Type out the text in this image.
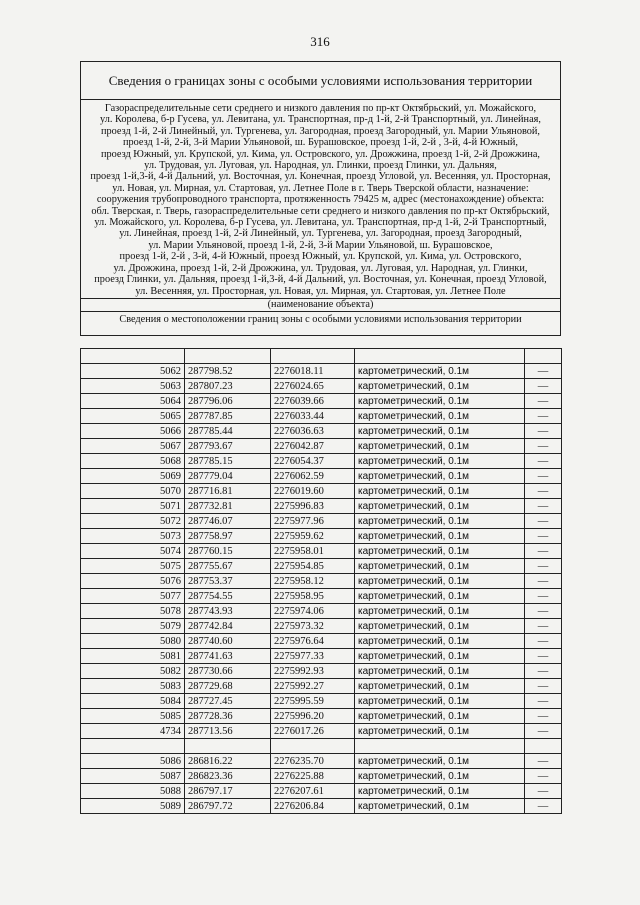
316
Сведения о границах зоны с особыми условиями использования территории
Газораспределительные сети среднего и низкого давления по пр-кт Октябрьский, ул. Можайского,
ул. Королева, б-р Гусева, ул. Левитана, ул. Транспортная, пр-д 1-й, 2-й Транспортный, ул. Линейная,
проезд 1-й, 2-й Линейный, ул. Тургенева, ул. Загородная, проезд Загородный, ул. Марии Ульяновой,
проезд 1-й, 2-й, 3-й Марии Ульяновой, ш. Бурашовское, проезд 1-й, 2-й , 3-й, 4-й Южный,
проезд Южный, ул. Крупской, ул. Кима, ул. Островского, ул. Дрожжина, проезд 1-й, 2-й Дрожжина,
ул. Трудовая, ул. Луговая, ул. Народная, ул. Глинки, проезд Глинки, ул. Дальняя,
проезд 1-й,3-й, 4-й Дальний, ул. Восточная, ул. Конечная, проезд Угловой, ул. Весенняя, ул. Просторная,
ул. Новая, ул. Мирная, ул. Стартовая, ул. Летнее Поле в г. Тверь Тверской области, назначение:
сооружения трубопроводного транспорта, протяженность 79425 м, адрес (местонахождение) объекта:
обл. Тверская, г. Тверь, газораспределительные сети среднего и низкого давления по пр-кт Октябрьский,
ул. Можайского, ул. Королева, б-р Гусева, ул. Левитана, ул. Транспортная, пр-д 1-й, 2-й Транспортный,
ул. Линейная, проезд 1-й, 2-й Линейный, ул. Тургенева, ул. Загородная, проезд Загородный,
ул. Марии Ульяновой, проезд 1-й, 2-й, 3-й Марии Ульяновой, ш. Бурашовское,
проезд 1-й, 2-й , 3-й, 4-й Южный, проезд Южный, ул. Крупской, ул. Кима, ул. Островского,
ул. Дрожжина, проезд 1-й, 2-й Дрожжина, ул. Трудовая, ул. Луговая, ул. Народная, ул. Глинки,
проезд Глинки, ул. Дальняя, проезд 1-й,3-й, 4-й Дальний, ул. Восточная, ул. Конечная, проезд Угловой,
ул. Весенняя, ул. Просторная, ул. Новая, ул. Мирная, ул. Стартовая, ул. Летнее Поле
(наименование объекта)
Сведения о местоположении границ зоны с особыми условиями использования территории

5062	287798.52	2276018.11	картометрический, 0.1м	—
5063	287807.23	2276024.65	картометрический, 0.1м	—
5064	287796.06	2276039.66	картометрический, 0.1м	—
5065	287787.85	2276033.44	картометрический, 0.1м	—
5066	287785.44	2276036.63	картометрический, 0.1м	—
5067	287793.67	2276042.87	картометрический, 0.1м	—
5068	287785.15	2276054.37	картометрический, 0.1м	—
5069	287779.04	2276062.59	картометрический, 0.1м	—
5070	287716.81	2276019.60	картометрический, 0.1м	—
5071	287732.81	2275996.83	картометрический, 0.1м	—
5072	287746.07	2275977.96	картометрический, 0.1м	—
5073	287758.97	2275959.62	картометрический, 0.1м	—
5074	287760.15	2275958.01	картометрический, 0.1м	—
5075	287755.67	2275954.85	картометрический, 0.1м	—
5076	287753.37	2275958.12	картометрический, 0.1м	—
5077	287754.55	2275958.95	картометрический, 0.1м	—
5078	287743.93	2275974.06	картометрический, 0.1м	—
5079	287742.84	2275973.32	картометрический, 0.1м	—
5080	287740.60	2275976.64	картометрический, 0.1м	—
5081	287741.63	2275977.33	картометрический, 0.1м	—
5082	287730.66	2275992.93	картометрический, 0.1м	—
5083	287729.68	2275992.27	картометрический, 0.1м	—
5084	287727.45	2275995.59	картометрический, 0.1м	—
5085	287728.36	2275996.20	картометрический, 0.1м	—
4734	287713.56	2276017.26	картометрический, 0.1м	—

5086	286816.22	2276235.70	картометрический, 0.1м	—
5087	286823.36	2276225.88	картометрический, 0.1м	—
5088	286797.17	2276207.61	картометрический, 0.1м	—
5089	286797.72	2276206.84	картометрический, 0.1м	—
